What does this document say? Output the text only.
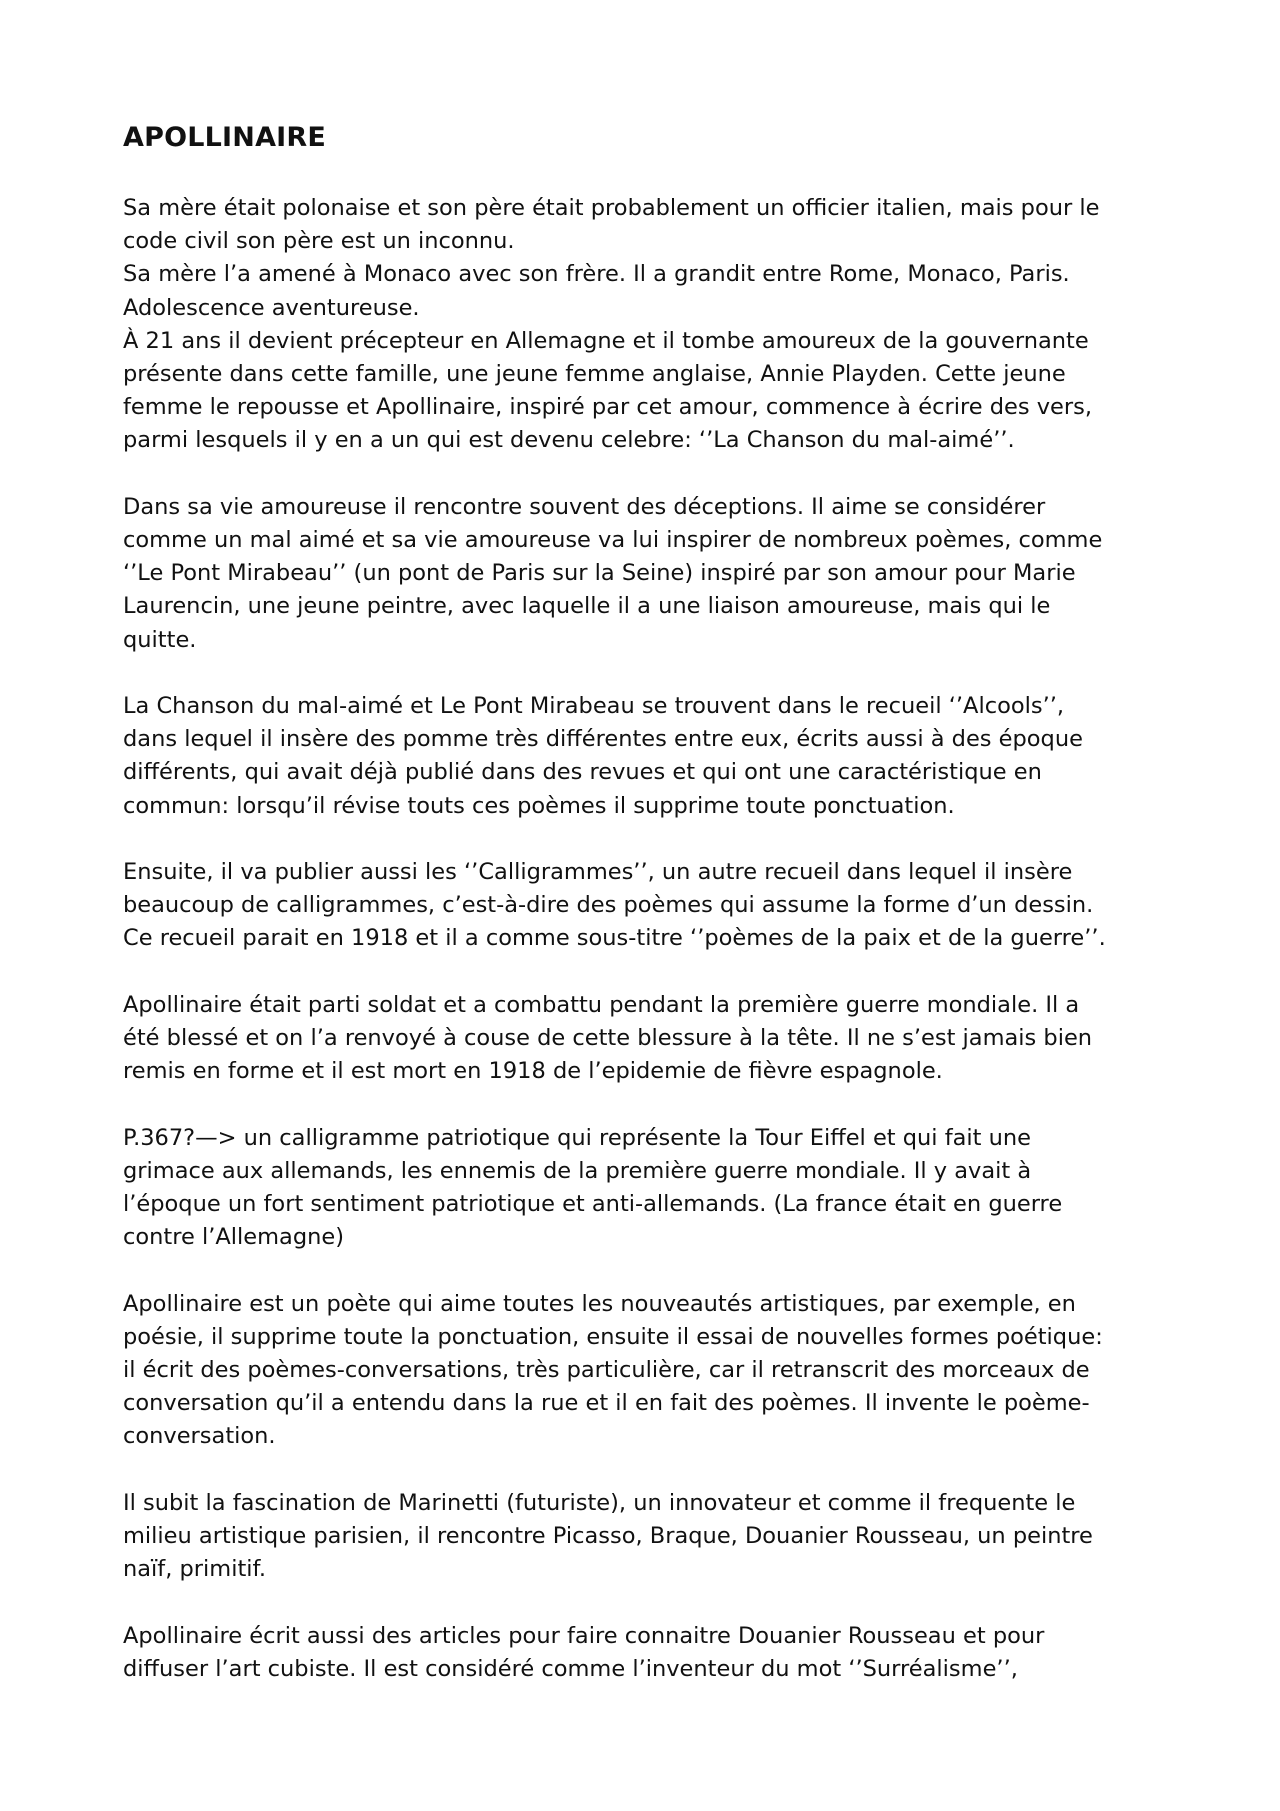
APOLLINAIRE
Sa mère était polonaise et son père était probablement un officier italien, mais pour le
code civil son père est un inconnu.
Sa mère l’a amené à Monaco avec son frère. Il a grandit entre Rome, Monaco, Paris.
Adolescence aventureuse.
À 21 ans il devient précepteur en Allemagne et il tombe amoureux de la gouvernante
présente dans cette famille, une jeune femme anglaise, Annie Playden. Cette jeune
femme le repousse et Apollinaire, inspiré par cet amour, commence à écrire des vers,
parmi lesquels il y en a un qui est devenu celebre: ‘’La Chanson du mal-aimé’’.
Dans sa vie amoureuse il rencontre souvent des déceptions. Il aime se considérer
comme un mal aimé et sa vie amoureuse va lui inspirer de nombreux poèmes, comme
‘’Le Pont Mirabeau’’ (un pont de Paris sur la Seine) inspiré par son amour pour Marie
Laurencin, une jeune peintre, avec laquelle il a une liaison amoureuse, mais qui le
quitte.
La Chanson du mal-aimé et Le Pont Mirabeau se trouvent dans le recueil ‘’Alcools’’,
dans lequel il insère des pomme très différentes entre eux, écrits aussi à des époque
différents, qui avait déjà publié dans des revues et qui ont une caractéristique en
commun: lorsqu’il révise touts ces poèmes il supprime toute ponctuation.
Ensuite, il va publier aussi les ‘’Calligrammes’’, un autre recueil dans lequel il insère
beaucoup de calligrammes, c’est-à-dire des poèmes qui assume la forme d’un dessin.
Ce recueil parait en 1918 et il a comme sous-titre ‘’poèmes de la paix et de la guerre’’.
Apollinaire était parti soldat et a combattu pendant la première guerre mondiale. Il a
été blessé et on l’a renvoyé à couse de cette blessure à la tête. Il ne s’est jamais bien
remis en forme et il est mort en 1918 de l’epidemie de fièvre espagnole.
P.367?—> un calligramme patriotique qui représente la Tour Eiffel et qui fait une
grimace aux allemands, les ennemis de la première guerre mondiale. Il y avait à
l’époque un fort sentiment patriotique et anti-allemands. (La france était en guerre
contre l’Allemagne)
Apollinaire est un poète qui aime toutes les nouveautés artistiques, par exemple, en
poésie, il supprime toute la ponctuation, ensuite il essai de nouvelles formes poétique:
il écrit des poèmes-conversations, très particulière, car il retranscrit des morceaux de
conversation qu’il a entendu dans la rue et il en fait des poèmes. Il invente le poème-
conversation.
Il subit la fascination de Marinetti (futuriste), un innovateur et comme il frequente le
milieu artistique parisien, il rencontre Picasso, Braque, Douanier Rousseau, un peintre
naïf, primitif.
Apollinaire écrit aussi des articles pour faire connaitre Douanier Rousseau et pour
diffuser l’art cubiste. Il est considéré comme l’inventeur du mot ‘’Surréalisme’’,
